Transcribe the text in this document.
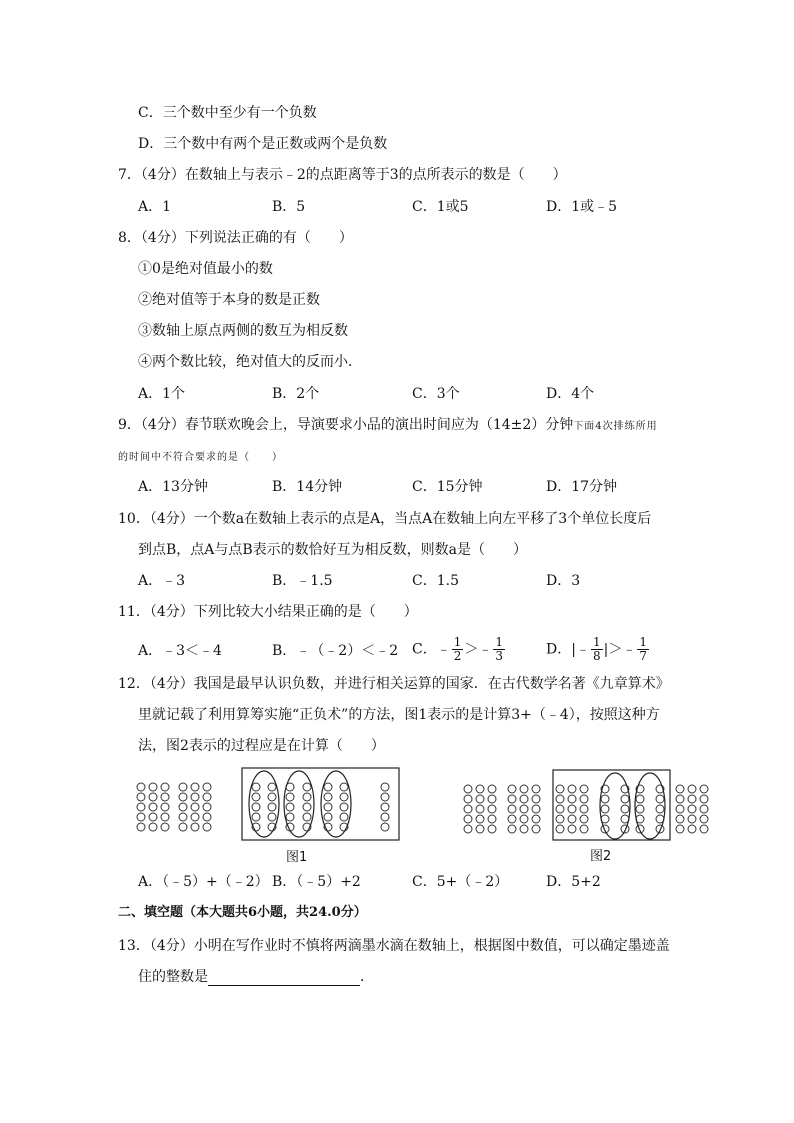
C．三个数中至少有一个负数
D．三个数中有两个是正数或两个是负数
7．（4分）在数轴上与表示﹣2的点距离等于3的点所表示的数是（　　）
A．1	B．5	C．1或5	D．1或﹣5
8．（4分）下列说法正确的有（　　）
①0是绝对值最小的数
②绝对值等于本身的数是正数
③数轴上原点两侧的数互为相反数
④两个数比较，绝对值大的反而小．
A．1个	B．2个	C．3个	D．4个
9．（4分）春节联欢晚会上，导演要求小品的演出时间应为（14±2）分钟下面4次排练所用
的时间中不符合要求的是（　　）
A．13分钟	B．14分钟	C．15分钟	D．17分钟
10．（4分）一个数a在数轴上表示的点是A，当点A在数轴上向左平移了3个单位长度后
到点B，点A与点B表示的数恰好互为相反数，则数a是（　　）
A．﹣3	B．﹣1.5	C．1.5	D．3
11．（4分）下列比较大小结果正确的是（　　）
A．﹣3＜﹣4	B．﹣（﹣2）＜﹣2 C．﹣ $\frac{1}{2}$ ＞﹣ $\frac{1}{3}$	D．|﹣ $\frac{1}{8}$ |＞﹣ $\frac{1}{7}$
12．（4分）我国是最早认识负数，并进行相关运算的国家．在古代数学名著《九章算术》
里就记载了利用算筹实施“正负术”的方法，图1表示的是计算3+（﹣4），按照这种方
法，图2表示的过程应是在计算（　　）
图1	图2
A．（﹣5）+（﹣2） B．（﹣5）+2	C．5+（﹣2）	D．5+2
二、填空题（本大题共6小题，共24.0分）
13．（4分）小明在写作业时不慎将两滴墨水滴在数轴上，根据图中数值，可以确定墨迹盖
住的整数是	．
